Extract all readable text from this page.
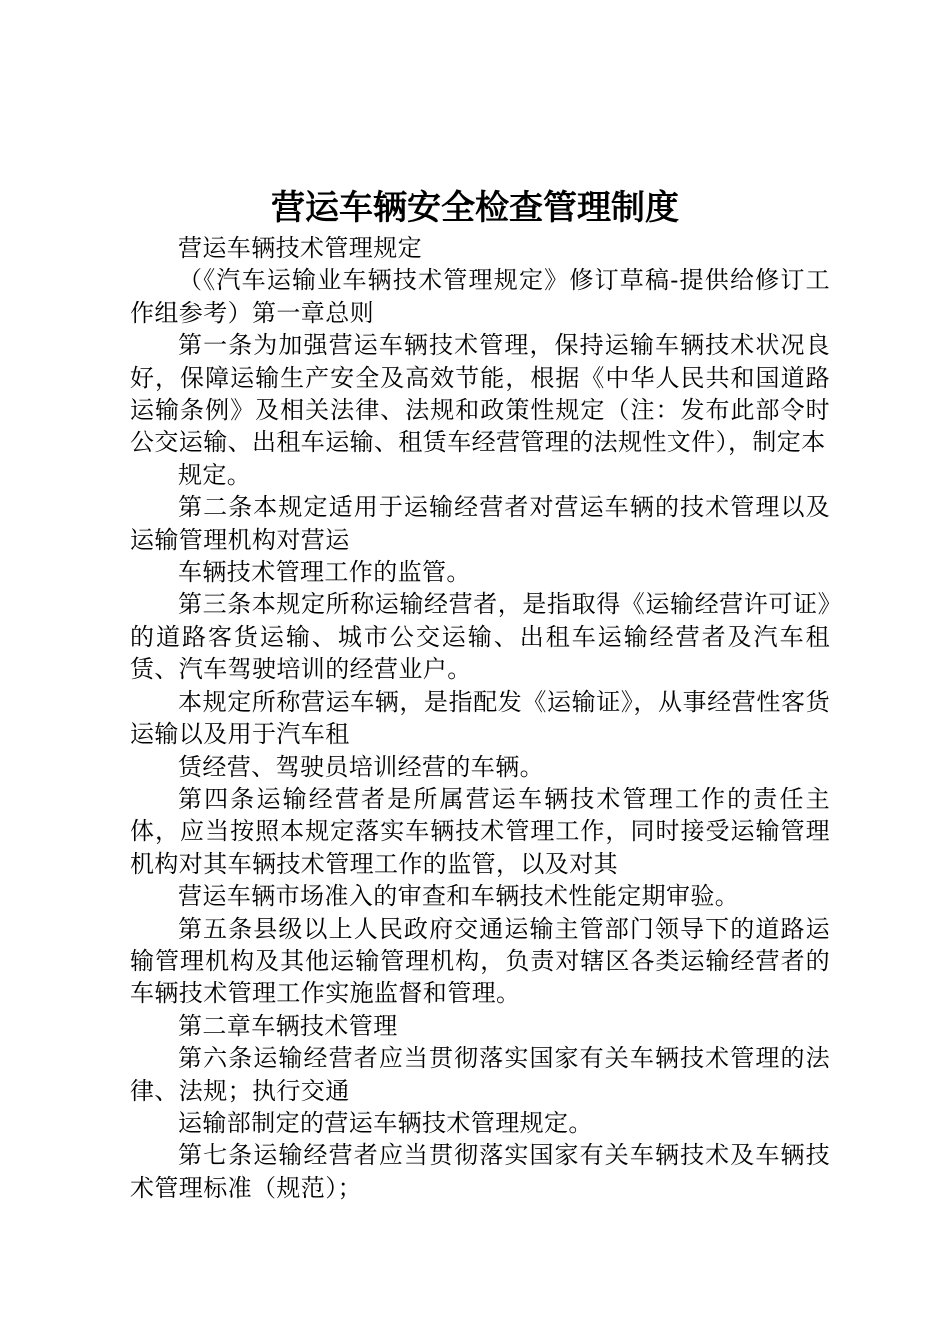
营运车辆安全检查管理制度

营运车辆技术管理规定

（《汽车运输业车辆技术管理规定》修订草稿-提供给修订工作组参考）第一章总则

第一条为加强营运车辆技术管理，保持运输车辆技术状况良好，保障运输生产安全及高效节能，根据《中华人民共和国道路运输条例》及相关法律、法规和政策性规定（注：发布此部令时公交运输、出租车运输、租赁车经营管理的法规性文件），制定本

规定。

第二条本规定适用于运输经营者对营运车辆的技术管理以及运输管理机构对营运

车辆技术管理工作的监管。

第三条本规定所称运输经营者，是指取得《运输经营许可证》的道路客货运输、城市公交运输、出租车运输经营者及汽车租赁、汽车驾驶培训的经营业户。

本规定所称营运车辆，是指配发《运输证》，从事经营性客货运输以及用于汽车租

赁经营、驾驶员培训经营的车辆。

第四条运输经营者是所属营运车辆技术管理工作的责任主体，应当按照本规定落实车辆技术管理工作，同时接受运输管理机构对其车辆技术管理工作的监管，以及对其

营运车辆市场准入的审查和车辆技术性能定期审验。

第五条县级以上人民政府交通运输主管部门领导下的道路运输管理机构及其他运输管理机构，负责对辖区各类运输经营者的车辆技术管理工作实施监督和管理。

第二章车辆技术管理

第六条运输经营者应当贯彻落实国家有关车辆技术管理的法律、法规；执行交通

运输部制定的营运车辆技术管理规定。

第七条运输经营者应当贯彻落实国家有关车辆技术及车辆技术管理标准（规范）；
